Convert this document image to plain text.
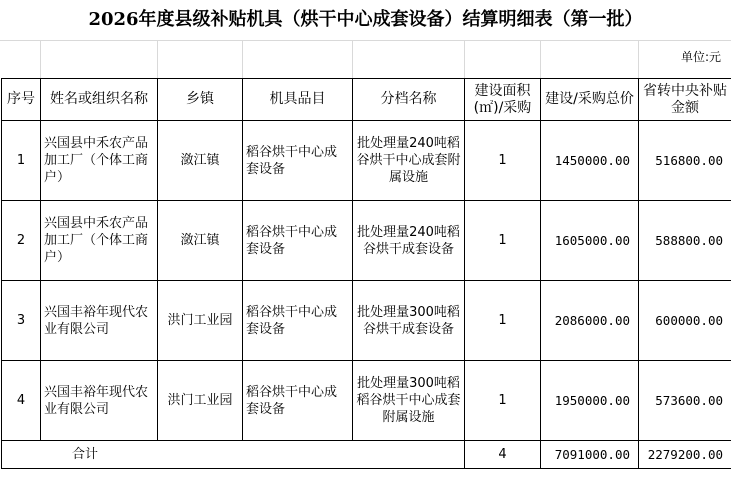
2026年度县级补贴机具（烘干中心成套设备）结算明细表（第一批）
单位:元
序号	姓名或组织名称	乡镇	机具品目	分档名称	建设面积(㎡)/采购	建设/采购总价	省转中央补贴金额
1	兴国县中禾农产品加工厂（个体工商户）	潋江镇	稻谷烘干中心成套设备	批处理量240吨稻谷烘干中心成套附属设施	1	1450000.00	516800.00
2	兴国县中禾农产品加工厂（个体工商户）	潋江镇	稻谷烘干中心成套设备	批处理量240吨稻谷烘干成套设备	1	1605000.00	588800.00
3	兴国丰裕年现代农业有限公司	洪门工业园	稻谷烘干中心成套设备	批处理量300吨稻谷烘干成套设备	1	2086000.00	600000.00
4	兴国丰裕年现代农业有限公司	洪门工业园	稻谷烘干中心成套设备	批处理量300吨稻稻谷烘干中心成套附属设施	1	1950000.00	573600.00
合计					4	7091000.00	2279200.00
